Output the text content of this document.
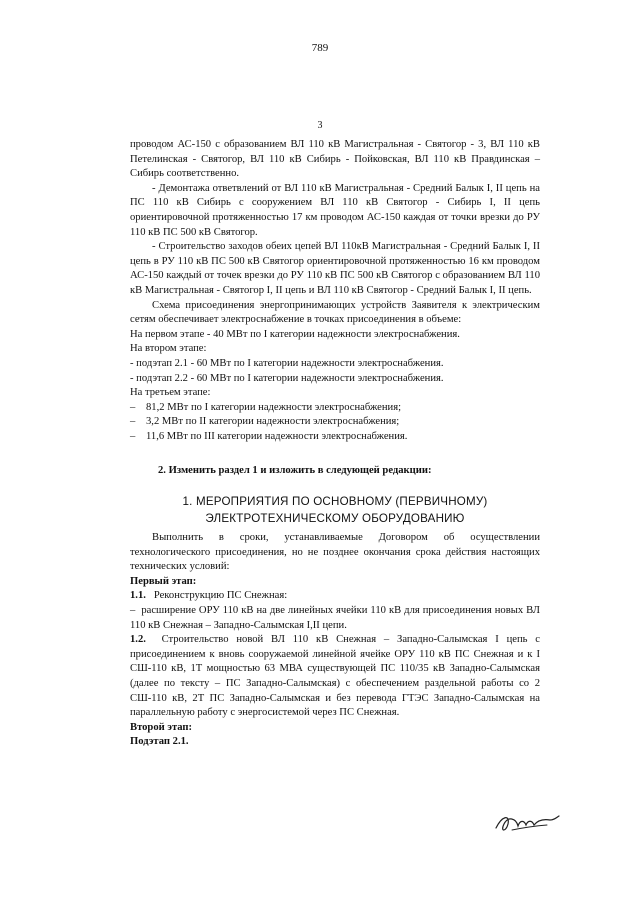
789
3

проводом АС-150 с образованием ВЛ 110 кВ Магистральная - Святогор - 3, ВЛ 110 кВ Петелинская - Святогор, ВЛ 110 кВ Сибирь - Пойковская, ВЛ 110 кВ Правдинская – Сибирь соответственно.

- Демонтажа ответвлений от ВЛ 110 кВ Магистральная - Средний Балык I, II цепь на ПС 110 кВ Сибирь с сооружением ВЛ 110 кВ Святогор - Сибирь I, II цепь ориентировочной протяженностью 17 км проводом АС-150 каждая от точки врезки до РУ 110 кВ ПС 500 кВ Святогор.

- Строительство заходов обеих цепей ВЛ 110кВ Магистральная - Средний Балык I, II цепь в РУ 110 кВ ПС 500 кВ Святогор ориентировочной протяженностью 16 км проводом АС-150 каждый от точек врезки до РУ 110 кВ ПС 500 кВ Святогор с образованием ВЛ 110 кВ Магистральная - Святогор I, II цепь и ВЛ 110 кВ Святогор - Средний Балык I, II цепь.

Схема присоединения энергопринимающих устройств Заявителя к электрическим сетям обеспечивает электроснабжение в точках присоединения в объеме:

На первом этапе - 40 МВт по I категории надежности электроснабжения.

На втором этапе:

- подэтап 2.1 - 60 МВт по I категории надежности электроснабжения.

- подэтап 2.2 - 60 МВт по I категории надежности электроснабжения.

На третьем этапе:

– 81,2 МВт по I категории надежности электроснабжения;

– 3,2 МВт по II категории надежности электроснабжения;

– 11,6 МВт по III категории надежности электроснабжения.

2. Изменить раздел 1 и изложить в следующей редакции:

1. МЕРОПРИЯТИЯ ПО ОСНОВНОМУ (ПЕРВИЧНОМУ)
ЭЛЕКТРОТЕХНИЧЕСКОМУ ОБОРУДОВАНИЮ

Выполнить в сроки, устанавливаемые Договором об осуществлении технологического присоединения, но не позднее окончания срока действия настоящих технических условий:

Первый этап:

1.1. Реконструкцию ПС Снежная:

– расширение ОРУ 110 кВ на две линейных ячейки 110 кВ для присоединения новых ВЛ 110 кВ Снежная – Западно-Салымская I,II цепи.

1.2. Строительство новой ВЛ 110 кВ Снежная – Западно-Салымская I цепь с присоединением к вновь сооружаемой линейной ячейке ОРУ 110 кВ ПС Снежная и к I СШ-110 кВ, 1Т мощностью 63 МВА существующей ПС 110/35 кВ Западно-Салымская (далее по тексту – ПС Западно-Салымская) с обеспечением раздельной работы со 2 СШ-110 кВ, 2Т ПС Западно-Салымская и без перевода ГТЭС Западно-Салымская на параллельную работу с энергосистемой через ПС Снежная.

Второй этап:

Подэтап 2.1.
